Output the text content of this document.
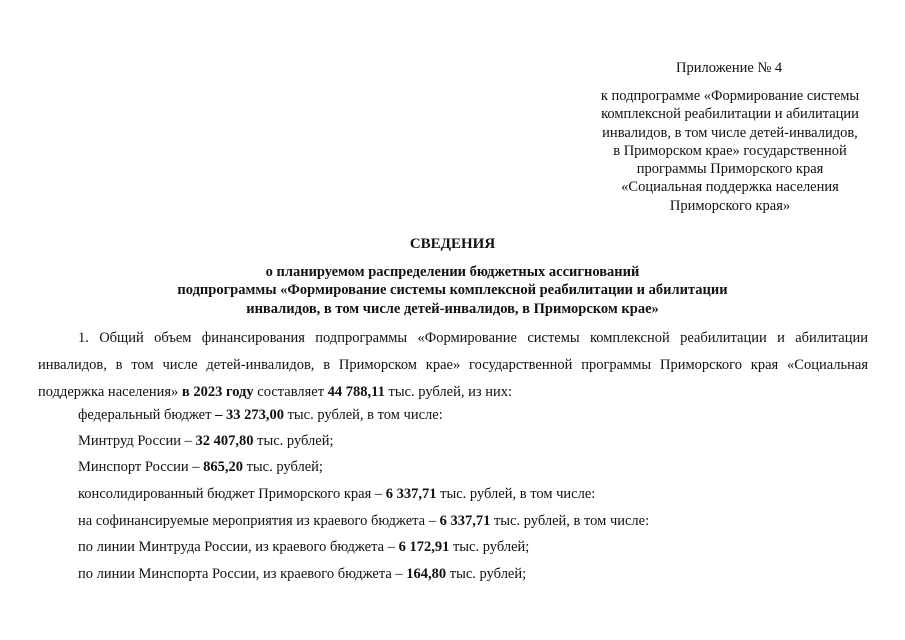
Приложение № 4
к подпрограмме «Формирование системы
комплексной реабилитации и абилитации
инвалидов, в том числе детей-инвалидов,
в Приморском крае» государственной
программы Приморского края
«Социальная поддержка населения
Приморского края»
СВЕДЕНИЯ
о планируемом распределении бюджетных ассигнований
подпрограммы «Формирование системы комплексной реабилитации и абилитации
инвалидов, в том числе детей-инвалидов, в Приморском крае»
1. Общий объем финансирования подпрограммы «Формирование системы комплексной реабилитации и абилитации
инвалидов, в том числе детей-инвалидов, в Приморском крае» государственной программы Приморского края «Социальная
поддержка населения» в 2023 году составляет 44 788,11 тыс. рублей, из них:
федеральный бюджет – 33 273,00 тыс. рублей, в том числе:
Минтруд России – 32 407,80 тыс. рублей;
Минспорт России – 865,20 тыс. рублей;
консолидированный бюджет Приморского края – 6 337,71 тыс. рублей, в том числе:
на софинансируемые мероприятия из краевого бюджета – 6 337,71 тыс. рублей, в том числе:
по линии Минтруда России, из краевого бюджета – 6 172,91 тыс. рублей;
по линии Минспорта России, из краевого бюджета – 164,80 тыс. рублей;
